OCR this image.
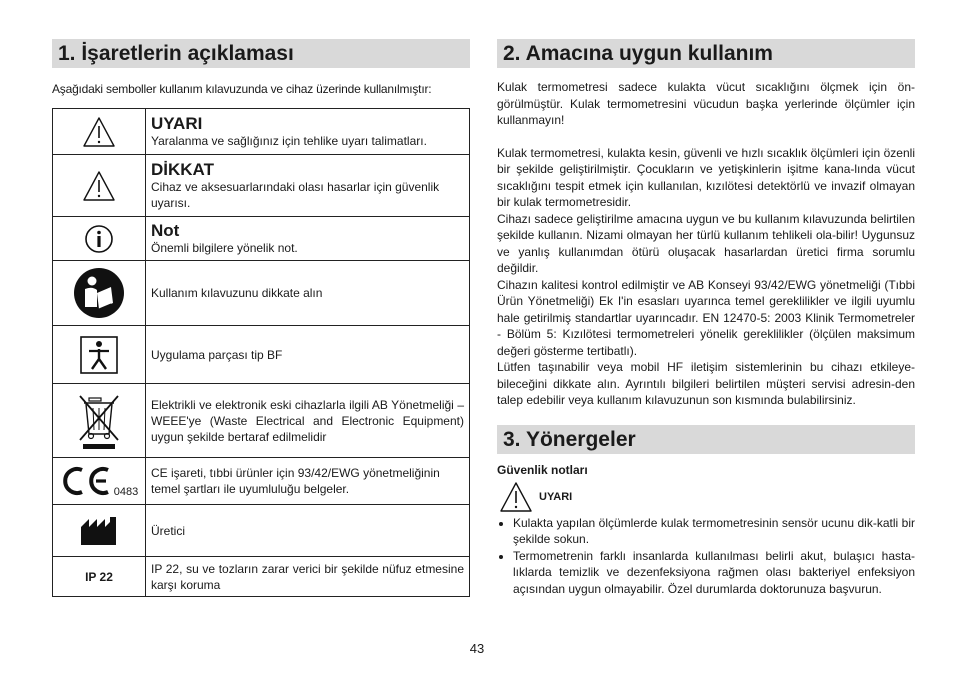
1. İşaretlerin açıklaması
Aşağıdaki semboller kullanım kılavuzunda ve cihaz üzerinde kullanılmıştır:

UYARI
Yaralanma ve sağlığınız için tehlike uyarı talimatları.

DİKKAT
Cihaz ve aksesuarlarındaki olası hasarlar için güvenlik uyarısı.

Not
Önemli bilgilere yönelik not.

	Kullanım kılavuzunu dikkate alın

	Uygulama parçası tip BF

	Elektrikli ve elektronik eski cihazlarla ilgili AB Yönetmeliği – WEEE'ye (Waste Electrical and Electronic Equipment) uygun şekilde bertaraf edilmelidir

0483	CE işareti, tıbbi ürünler için 93/42/EWG yönetmeliğinin temel şartları ile uyumluluğu belgeler.

	Üretici
IP 22	IP 22, su ve tozların zarar verici bir şekilde nüfuz etmesine karşı koruma
2. Amacına uygun kullanım
Kulak termometresi sadece kulakta vücut sıcaklığını ölçmek için ön-görülmüştür. Kulak termometresini vücudun başka yerlerinde ölçümler için kullanmayın!
Kulak termometresi, kulakta kesin, güvenli ve hızlı sıcaklık ölçümleri için özenli bir şekilde geliştirilmiştir. Çocukların ve yetişkinlerin işitme kana-lında vücut sıcaklığını tespit etmek için kullanılan, kızılötesi detektörlü ve invazif olmayan bir kulak termometresidir.
Cihazı sadece geliştirilme amacına uygun ve bu kullanım kılavuzunda belirtilen şekilde kullanın. Nizami olmayan her türlü kullanım tehlikeli ola-bilir! Uygunsuz ve yanlış kullanımdan ötürü oluşacak hasarlardan üretici firma sorumlu değildir.
Cihazın kalitesi kontrol edilmiştir ve AB Konseyi 93/42/EWG yönetmeliği (Tıbbi Ürün Yönetmeliği) Ek I'in esasları uyarınca temel gereklilikler ve ilgili uyumlu hale getirilmiş standartlar uyarıncadır. EN 12470-5: 2003 Klinik Termometreler - Bölüm 5: Kızılötesi termometreleri yönelik gereklilikler (ölçülen maksimum değeri gösterme tertibatlı).
Lütfen taşınabilir veya mobil HF iletişim sistemlerinin bu cihazı etkileye-bileceğini dikkate alın. Ayrıntılı bilgileri belirtilen müşteri servisi adresin-den talep edebilir veya kullanım kılavuzunun son kısmında bulabilirsiniz.
3. Yönergeler
Güvenlik notları
UYARI
• Kulakta yapılan ölçümlerde kulak termometresinin sensör ucunu dik-katli bir şekilde sokun.
• Termometrenin farklı insanlarda kullanılması belirli akut, bulaşıcı hasta-lıklarda temizlik ve dezenfeksiyona rağmen olası bakteriyel enfeksiyon açısından uygun olmayabilir. Özel durumlarda doktorunuza başvurun.
43
